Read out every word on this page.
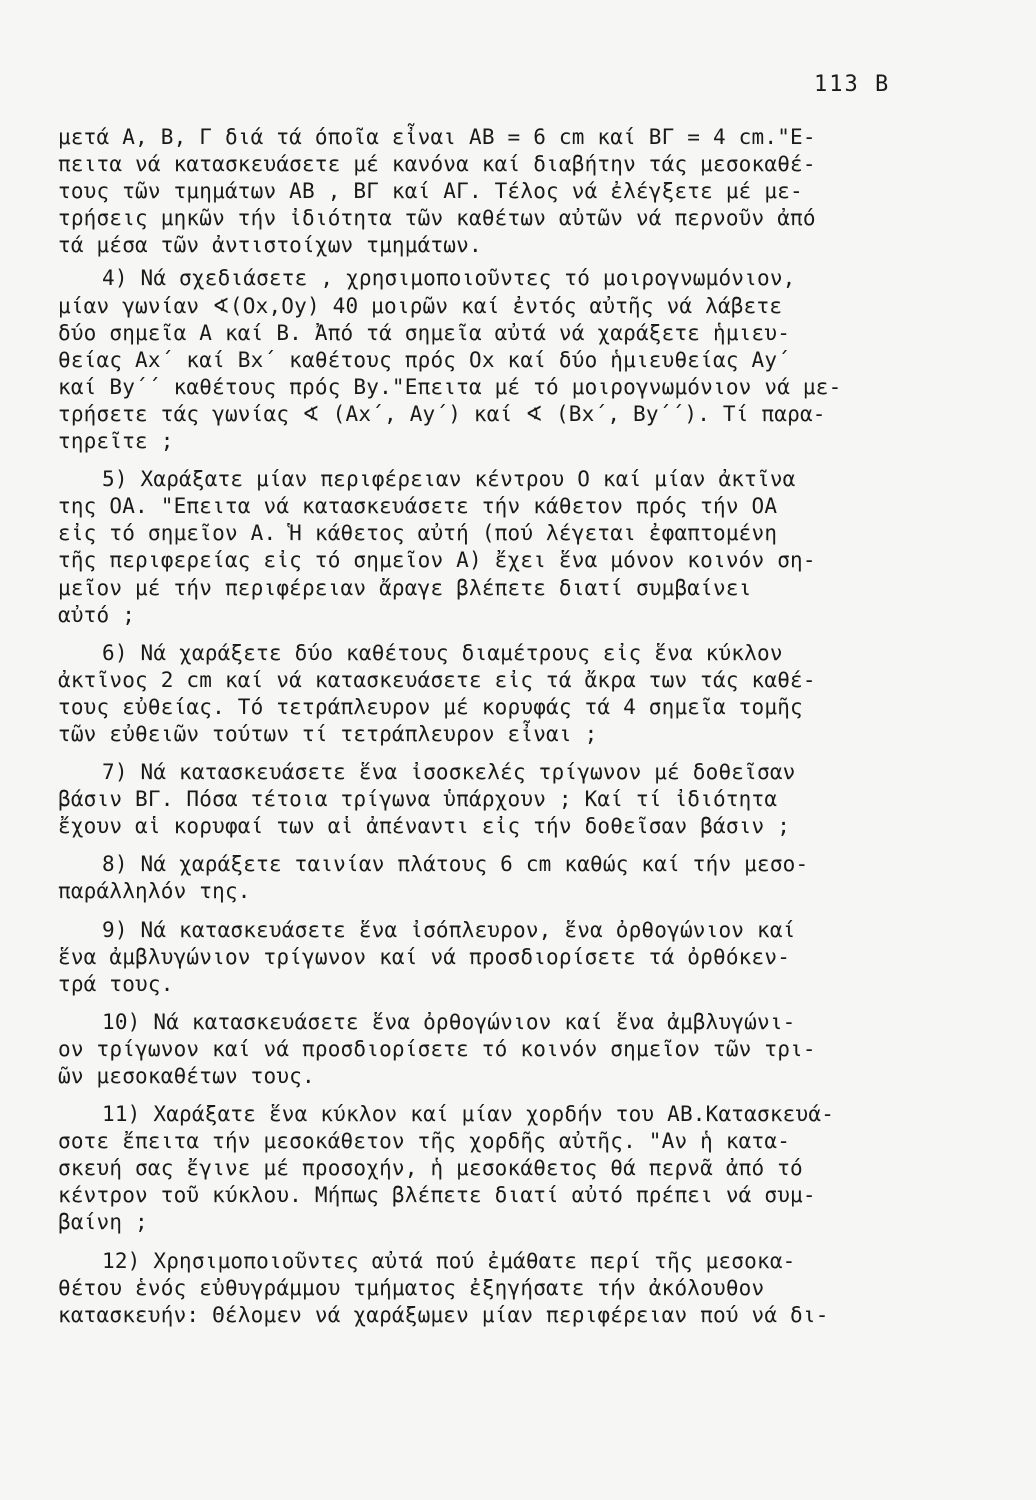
113 B
μετά Α, Β, Γ διά τά όποῖα εἶναι ΑΒ = 6 cm καί ΒΓ = 4 cm."Ε-
πειτα νά κατασκευάσετε μέ κανόνα καί διαβήτην τάς μεσοκαθέ-
τους τῶν τμημάτων ΑΒ , ΒΓ καί ΑΓ. Τέλος νά ἐλέγξετε μέ με-
τρήσεις μηκῶν τήν ἰδιότητα τῶν καθέτων αὐτῶν νά περνοῦν ἀπό
τά μέσα τῶν ἀντιστοίχων τμημάτων.
4) Νά σχεδιάσετε , χρησιμοποιοῦντες τό μοιρογνωμόνιον,
μίαν γωνίαν ∢(Οx,Οy) 40 μοιρῶν καί ἐντός αὐτῆς νά λάβετε
δύο σημεῖα Α καί Β. Ἀπό τά σημεῖα αὐτά νά χαράξετε ἡμιευ-
θείας Αx΄ καί Βx΄ καθέτους πρός Οx καί δύο ἡμιευθείας Αy΄
καί Βy΄΄ καθέτους πρός Βy."Επειτα μέ τό μοιρογνωμόνιον νά με-
τρήσετε τάς γωνίας ∢ (Αx΄, Αy΄) καί ∢ (Βx΄, Βy΄΄). Τί παρα-
τηρεῖτε ;
5) Χαράξατε μίαν περιφέρειαν κέντρου Ο καί μίαν ἀκτῖνα
της ΟΑ. "Επειτα νά κατασκευάσετε τήν κάθετον πρός τήν ΟΑ
εἰς τό σημεῖον Α. Ἡ κάθετος αὐτή (πού λέγεται ἐφαπτομένη
τῆς περιφερείας εἰς τό σημεῖον Α) ἔχει ἕνα μόνον κοινόν ση-
μεῖον μέ τήν περιφέρειαν ἄραγε βλέπετε διατί συμβαίνει
αὐτό ;
6) Νά χαράξετε δύο καθέτους διαμέτρους εἰς ἕνα κύκλον
ἀκτῖνος 2 cm καί νά κατασκευάσετε εἰς τά ἄκρα των τάς καθέ-
τους εὐθείας. Τό τετράπλευρον μέ κορυφάς τά 4 σημεῖα τομῆς
τῶν εὐθειῶν τούτων τί τετράπλευρον εἶναι ;
7) Νά κατασκευάσετε ἕνα ἰσοσκελές τρίγωνον μέ δοθεῖσαν
βάσιν ΒΓ. Πόσα τέτοια τρίγωνα ὑπάρχουν ; Καί τί ἰδιότητα
ἔχουν αἱ κορυφαί των αἱ ἀπέναντι εἰς τήν δοθεῖσαν βάσιν ;
8) Νά χαράξετε ταινίαν πλάτους 6 cm καθώς καί τήν μεσο-
παράλληλόν της.
9) Νά κατασκευάσετε ἕνα ἰσόπλευρον, ἕνα ὀρθογώνιον καί
ἕνα ἀμβλυγώνιον τρίγωνον καί νά προσδιορίσετε τά ὀρθόκεν-
τρά τους.
10) Νά κατασκευάσετε ἕνα ὀρθογώνιον καί ἕνα ἀμβλυγώνι-
ον τρίγωνον καί νά προσδιορίσετε τό κοινόν σημεῖον τῶν τρι-
ῶν μεσοκαθέτων τους.
11) Χαράξατε ἕνα κύκλον καί μίαν χορδήν του ΑΒ.Κατασκευά-
σοτε ἔπειτα τήν μεσοκάθετον τῆς χορδῆς αὐτῆς. "Αν ἡ κατα-
σκευή σας ἔγινε μέ προσοχήν, ἡ μεσοκάθετος θά περνᾶ ἀπό τό
κέντρον τοῦ κύκλου. Μήπως βλέπετε διατί αὐτό πρέπει νά συμ-
βαίνη ;
12) Χρησιμοποιοῦντες αὐτά πού ἐμάθατε περί τῆς μεσοκα-
θέτου ἑνός εὐθυγράμμου τμήματος ἐξηγήσατε τήν ἀκόλουθον
κατασκευήν: Θέλομεν νά χαράξωμεν μίαν περιφέρειαν πού νά δι-
